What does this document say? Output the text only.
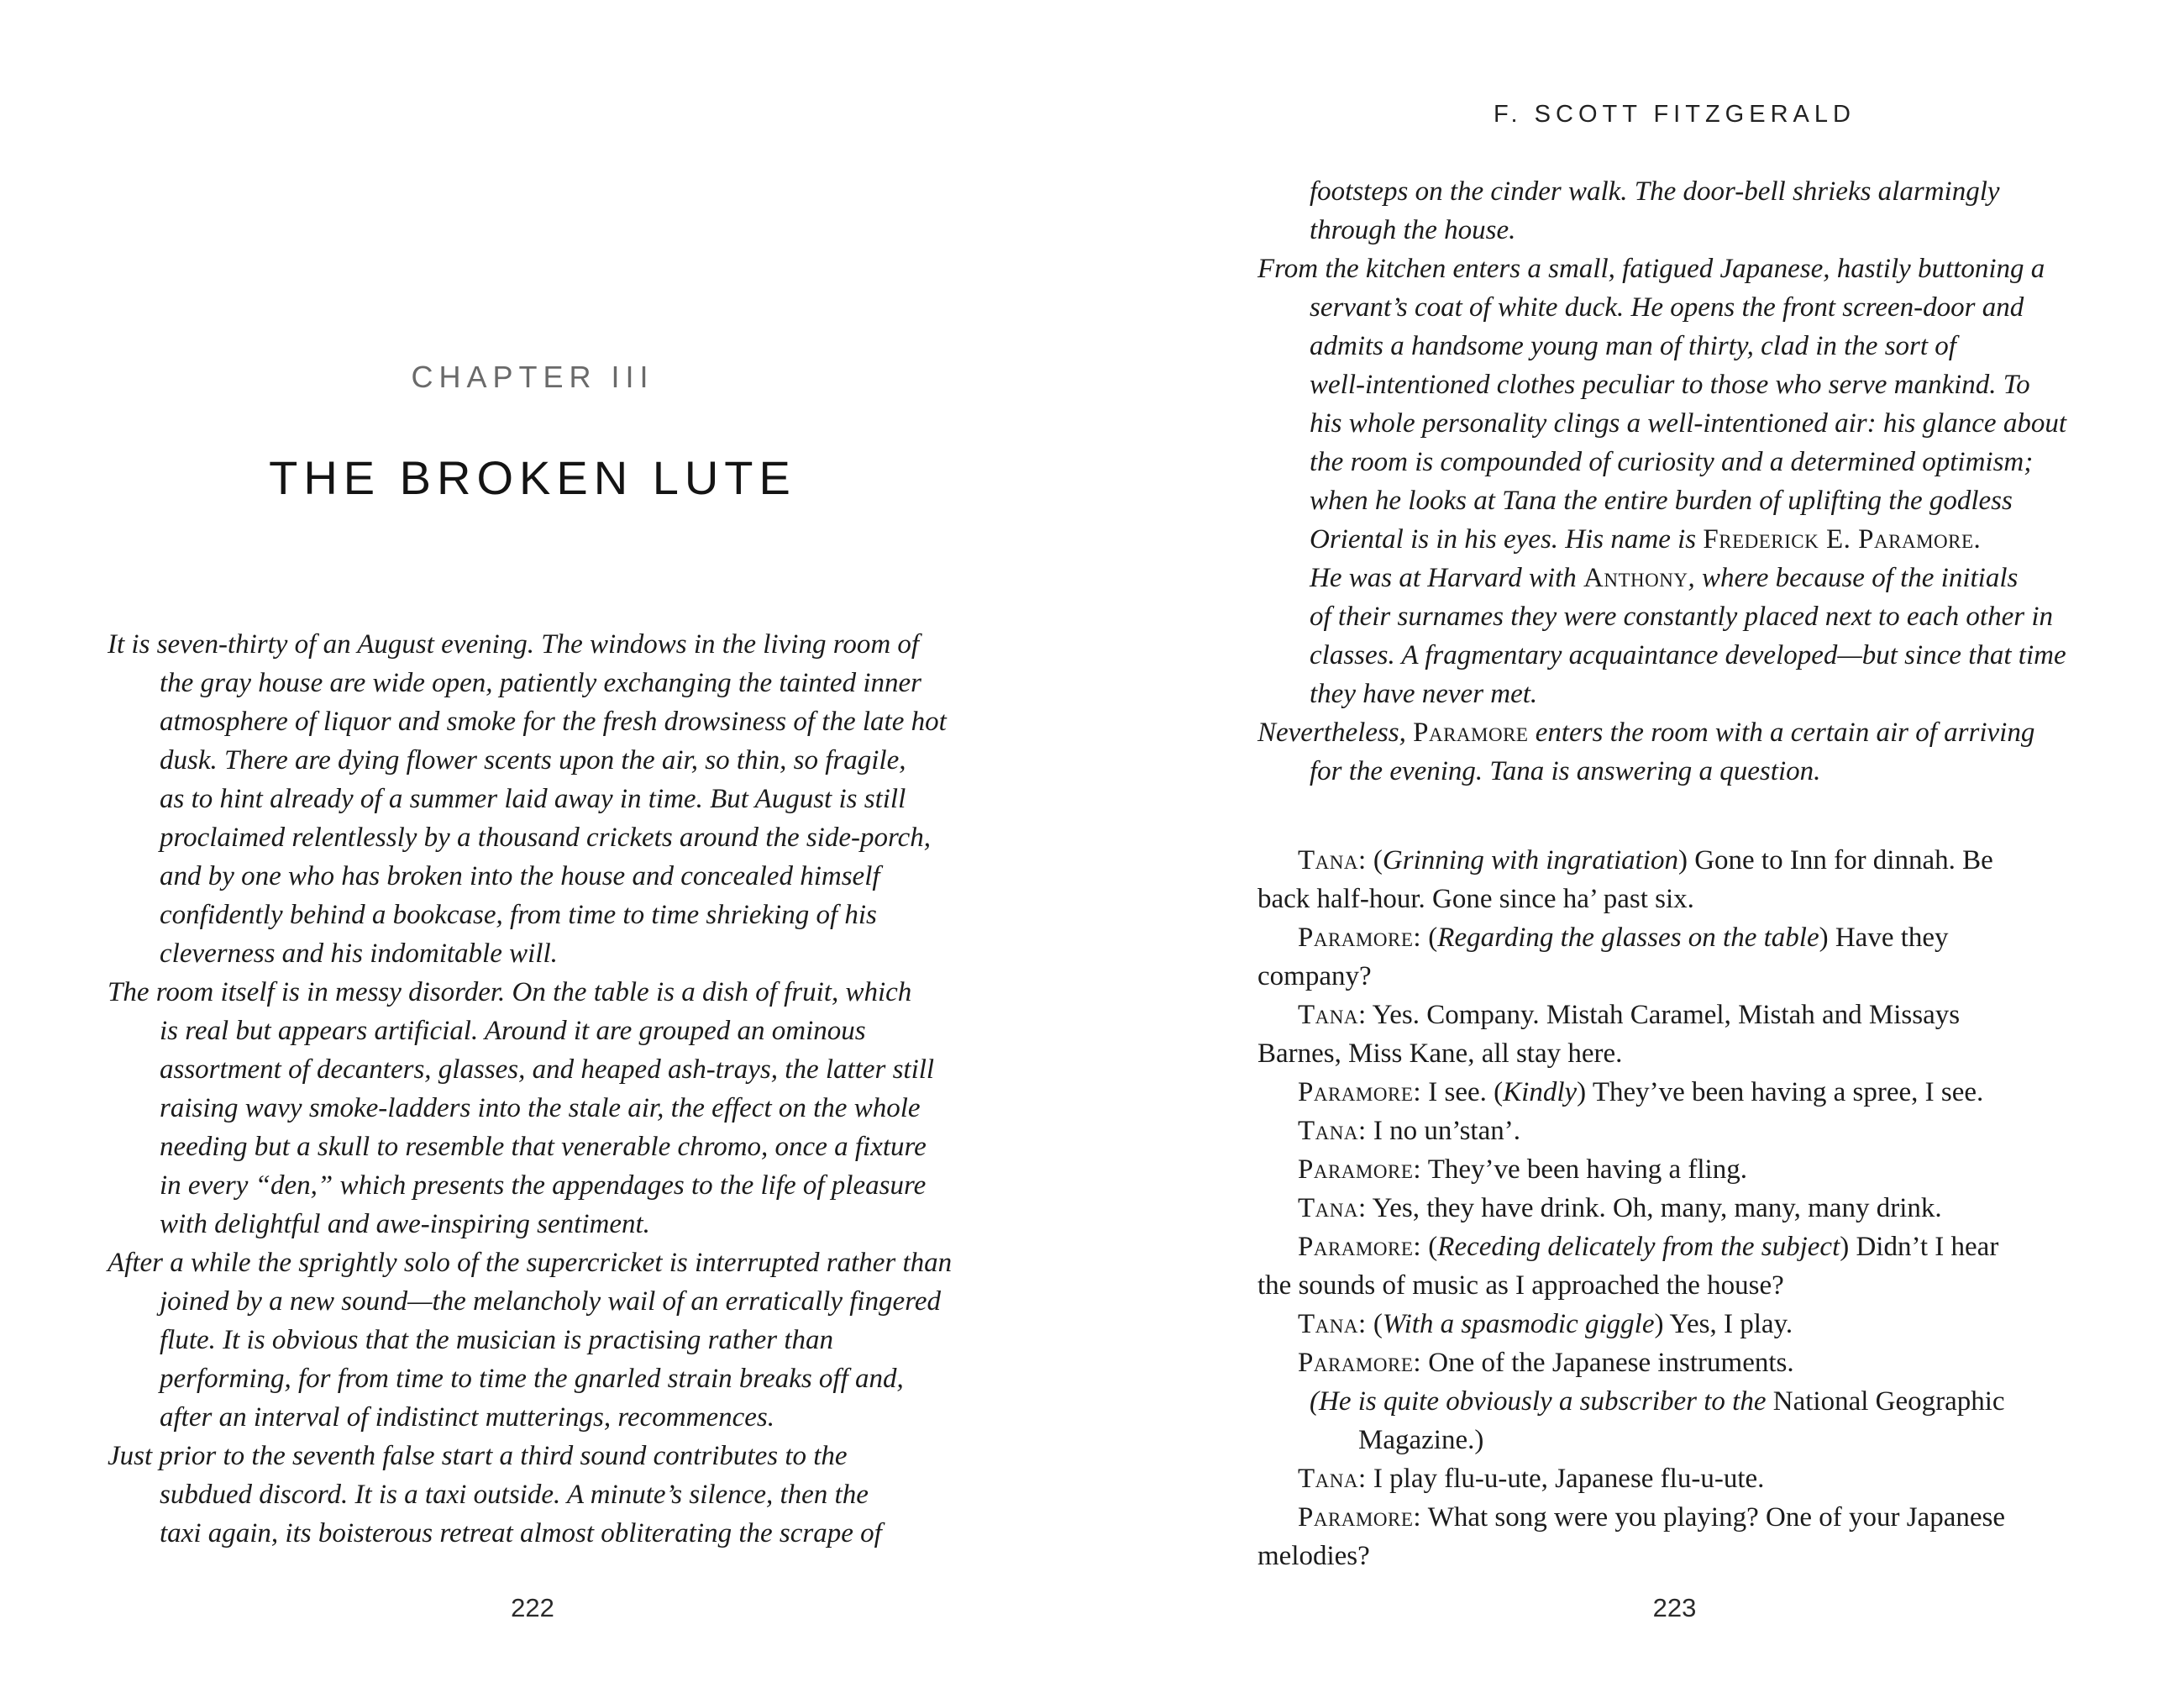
CHAPTER III
THE BROKEN LUTE
It is seven-thirty of an August evening. The windows in the living room of
the gray house are wide open, patiently exchanging the tainted inner
atmosphere of liquor and smoke for the fresh drowsiness of the late hot
dusk. There are dying flower scents upon the air, so thin, so fragile,
as to hint already of a summer laid away in time. But August is still
proclaimed relentlessly by a thousand crickets around the side-porch,
and by one who has broken into the house and concealed himself
confidently behind a bookcase, from time to time shrieking of his
cleverness and his indomitable will.
The room itself is in messy disorder. On the table is a dish of fruit, which
is real but appears artificial. Around it are grouped an ominous
assortment of decanters, glasses, and heaped ash-trays, the latter still
raising wavy smoke-ladders into the stale air, the effect on the whole
needing but a skull to resemble that venerable chromo, once a fixture
in every “den,” which presents the appendages to the life of pleasure
with delightful and awe-inspiring sentiment.
After a while the sprightly solo of the supercricket is interrupted rather than
joined by a new sound—the melancholy wail of an erratically fingered
flute. It is obvious that the musician is practising rather than
performing, for from time to time the gnarled strain breaks off and,
after an interval of indistinct mutterings, recommences.
Just prior to the seventh false start a third sound contributes to the
subdued discord. It is a taxi outside. A minute’s silence, then the
taxi again, its boisterous retreat almost obliterating the scrape of
222
F. SCOTT FITZGERALD
footsteps on the cinder walk. The door-bell shrieks alarmingly
through the house.
From the kitchen enters a small, fatigued Japanese, hastily buttoning a
servant’s coat of white duck. He opens the front screen-door and
admits a handsome young man of thirty, clad in the sort of
well-intentioned clothes peculiar to those who serve mankind. To
his whole personality clings a well-intentioned air: his glance about
the room is compounded of curiosity and a determined optimism;
when he looks at Tana the entire burden of uplifting the godless
Oriental is in his eyes. His name is Frederick E. Paramore.
He was at Harvard with Anthony, where because of the initials
of their surnames they were constantly placed next to each other in
classes. A fragmentary acquaintance developed—but since that time
they have never met.
Nevertheless, Paramore enters the room with a certain air of arriving
for the evening. Tana is answering a question.
Tana: (Grinning with ingratiation) Gone to Inn for dinnah. Be
back half-hour. Gone since ha’ past six.
Paramore: (Regarding the glasses on the table) Have they
company?
Tana: Yes. Company. Mistah Caramel, Mistah and Missays
Barnes, Miss Kane, all stay here.
Paramore: I see. (Kindly) They’ve been having a spree, I see.
Tana: I no un’stan’.
Paramore: They’ve been having a fling.
Tana: Yes, they have drink. Oh, many, many, many drink.
Paramore: (Receding delicately from the subject) Didn’t I hear
the sounds of music as I approached the house?
Tana: (With a spasmodic giggle) Yes, I play.
Paramore: One of the Japanese instruments.
(He is quite obviously a subscriber to the National Geographic
Magazine.)
Tana: I play flu-u-ute, Japanese flu-u-ute.
Paramore: What song were you playing? One of your Japanese
melodies?
223
